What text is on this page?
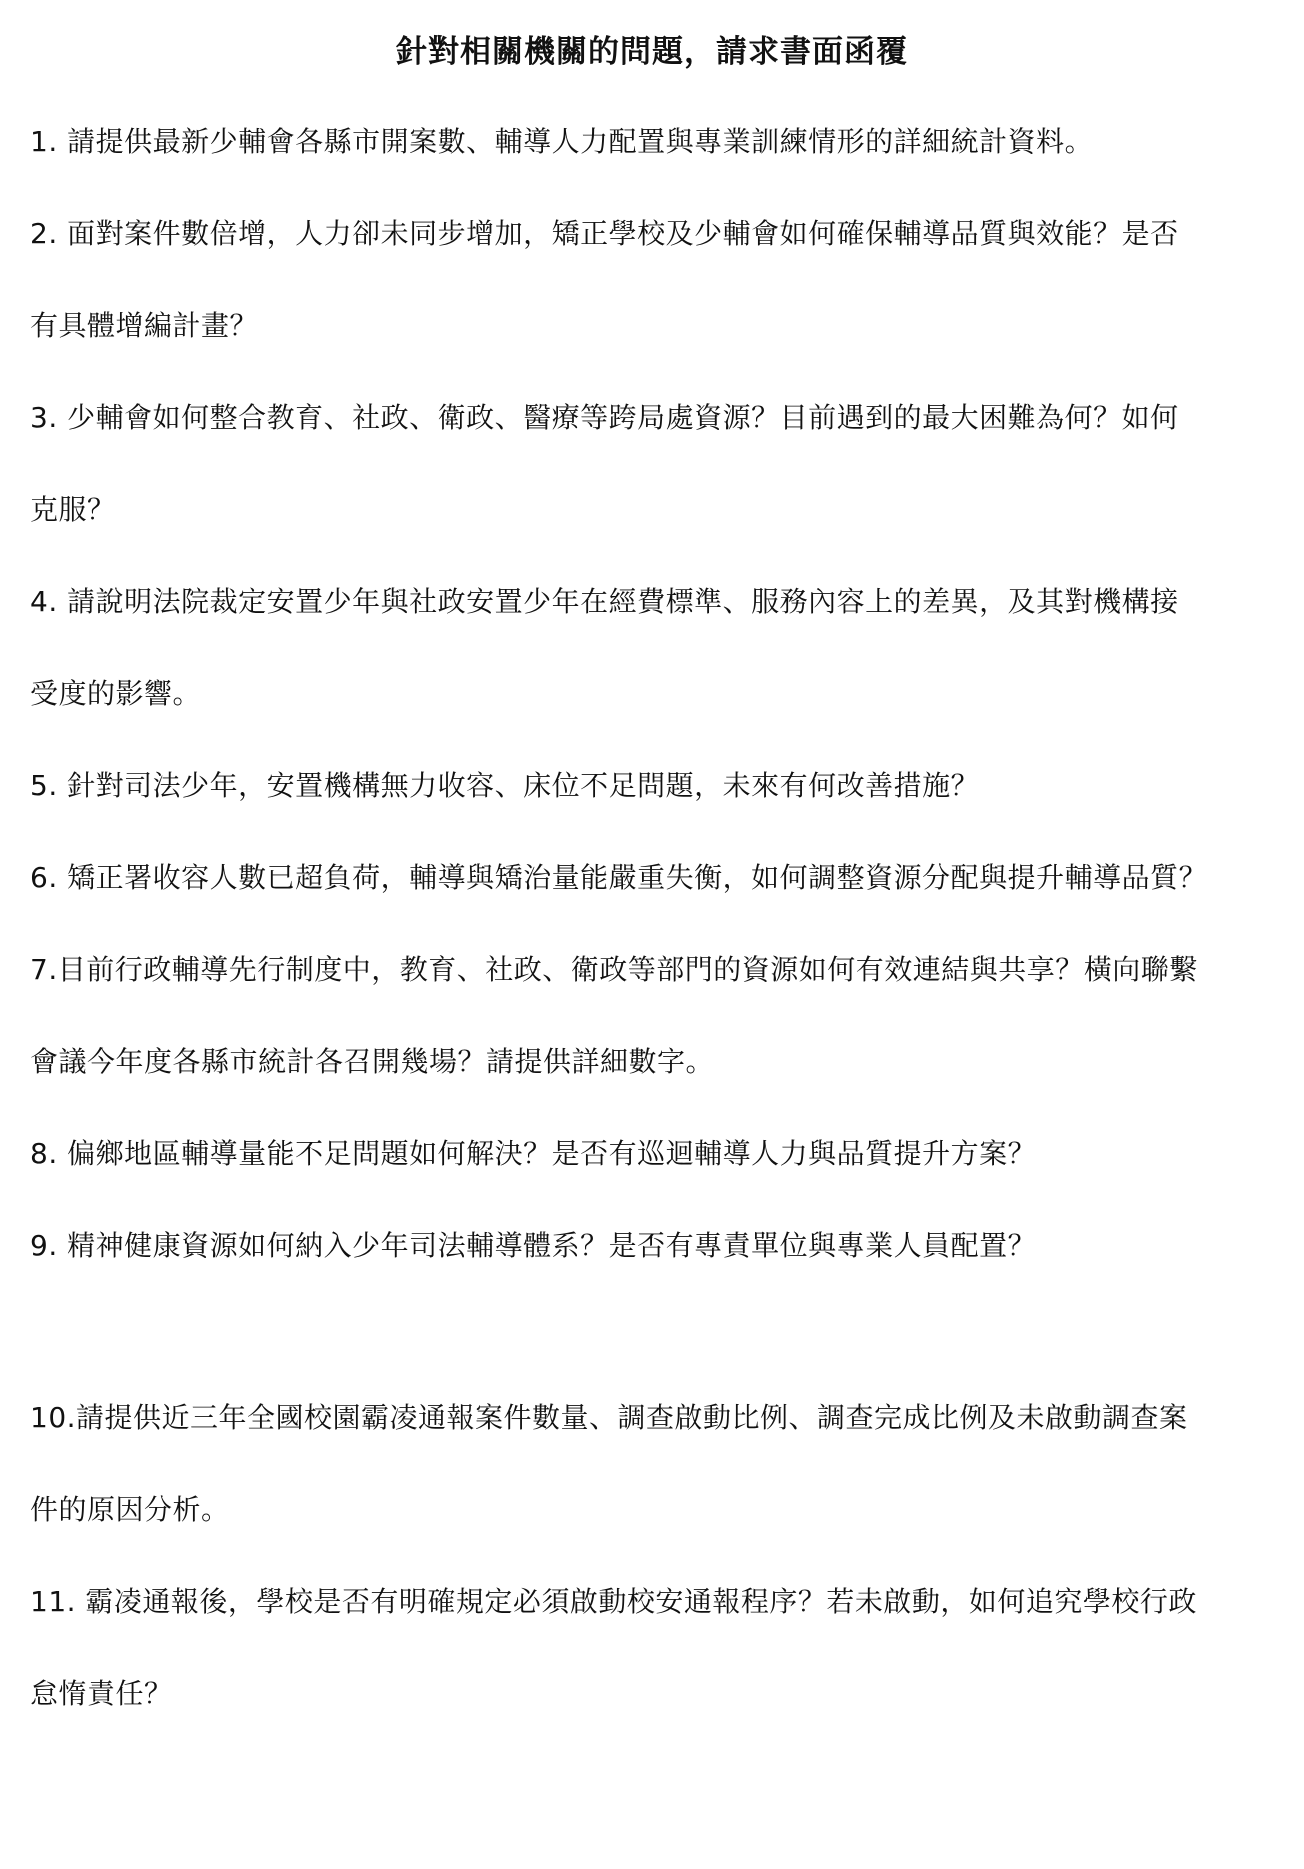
針對相關機關的問題，請求書面函覆
1. 請提供最新少輔會各縣市開案數、輔導人力配置與專業訓練情形的詳細統計資料。
2. 面對案件數倍增，人力卻未同步增加，矯正學校及少輔會如何確保輔導品質與效能？是否
有具體增編計畫？
3. 少輔會如何整合教育、社政、衛政、醫療等跨局處資源？目前遇到的最大困難為何？如何
克服？
4. 請說明法院裁定安置少年與社政安置少年在經費標準、服務內容上的差異，及其對機構接
受度的影響。
5. 針對司法少年，安置機構無力收容、床位不足問題，未來有何改善措施？
6. 矯正署收容人數已超負荷，輔導與矯治量能嚴重失衡，如何調整資源分配與提升輔導品質？
7.目前行政輔導先行制度中，教育、社政、衛政等部門的資源如何有效連結與共享？橫向聯繫
會議今年度各縣市統計各召開幾場？請提供詳細數字。
8. 偏鄉地區輔導量能不足問題如何解決？是否有巡迴輔導人力與品質提升方案？
9. 精神健康資源如何納入少年司法輔導體系？是否有專責單位與專業人員配置？
10.請提供近三年全國校園霸凌通報案件數量、調查啟動比例、調查完成比例及未啟動調查案
件的原因分析。
11. 霸凌通報後，學校是否有明確規定必須啟動校安通報程序？若未啟動，如何追究學校行政
怠惰責任？
